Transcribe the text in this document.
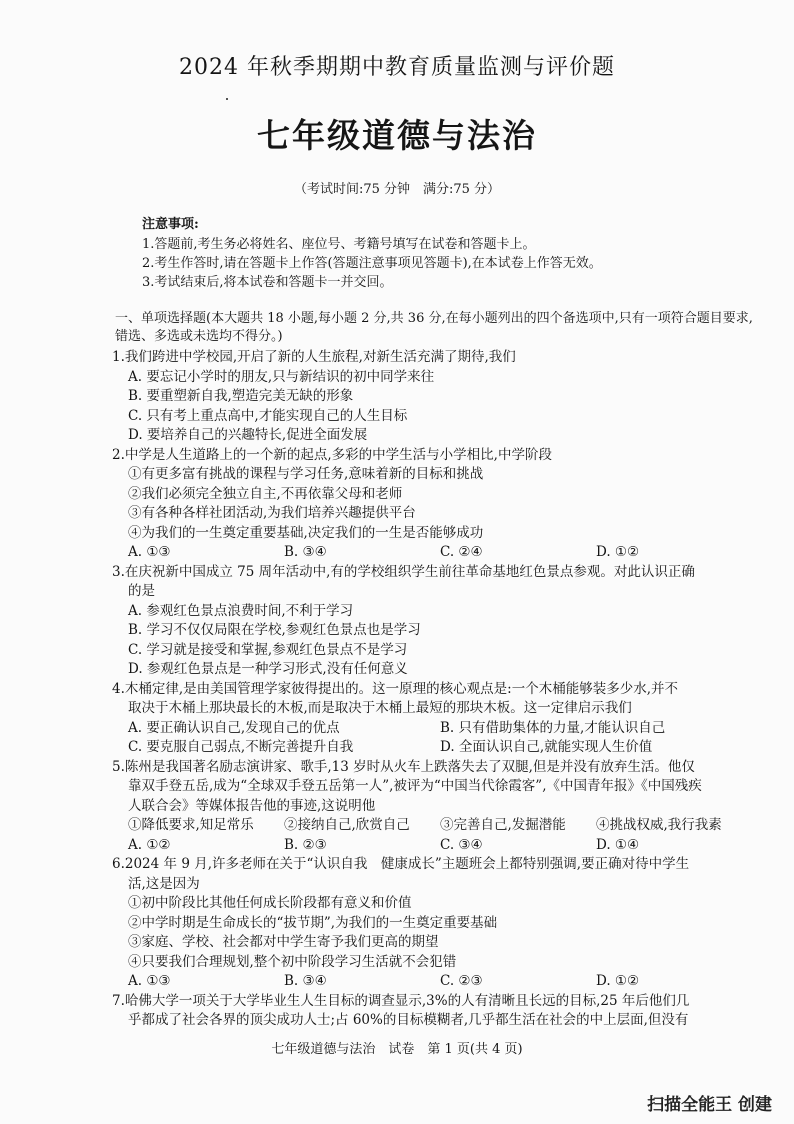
2024 年秋季期期中教育质量监测与评价题
七年级道德与法治
（考试时间:75 分钟　满分:75 分）
注意事项:
1.答题前,考生务必将姓名、座位号、考籍号填写在试卷和答题卡上。
2.考生作答时,请在答题卡上作答(答题注意事项见答题卡),在本试卷上作答无效。
3.考试结束后,将本试卷和答题卡一并交回。
一、单项选择题(本大题共 18 小题,每小题 2 分,共 36 分,在每小题列出的四个备选项中,只有一项符合题目要求,错选、多选或未选均不得分。)
1.我们跨进中学校园,开启了新的人生旅程,对新生活充满了期待,我们
A. 要忘记小学时的朋友,只与新结识的初中同学来往
B. 要重塑新自我,塑造完美无缺的形象
C. 只有考上重点高中,才能实现自己的人生目标
D. 要培养自己的兴趣特长,促进全面发展
2.中学是人生道路上的一个新的起点,多彩的中学生活与小学相比,中学阶段
①有更多富有挑战的课程与学习任务,意味着新的目标和挑战
②我们必须完全独立自主,不再依靠父母和老师
③有各种各样社团活动,为我们培养兴趣提供平台
④为我们的一生奠定重要基础,决定我们的一生是否能够成功
A. ①③	B. ③④	C. ②④	D. ①②
3.在庆祝新中国成立 75 周年活动中,有的学校组织学生前往革命基地红色景点参观。对此认识正确
的是
A. 参观红色景点浪费时间,不利于学习
B. 学习不仅仅局限在学校,参观红色景点也是学习
C. 学习就是接受和掌握,参观红色景点不是学习
D. 参观红色景点是一种学习形式,没有任何意义
4.木桶定律,是由美国管理学家彼得提出的。这一原理的核心观点是:一个木桶能够装多少水,并不
取决于木桶上那块最长的木板,而是取决于木桶上最短的那块木板。这一定律启示我们
A. 要正确认识自己,发现自己的优点	B. 只有借助集体的力量,才能认识自己
C. 要克服自己弱点,不断完善提升自我	D. 全面认识自己,就能实现人生价值
5.陈州是我国著名励志演讲家、歌手,13 岁时从火车上跌落失去了双腿,但是并没有放弃生活。他仅
靠双手登五岳,成为“全球双手登五岳第一人”,被评为“中国当代徐霞客”,《中国青年报》《中国残疾
人联合会》等媒体报告他的事迹,这说明他
①降低要求,知足常乐	②接纳自己,欣赏自己	③完善自己,发掘潜能	④挑战权威,我行我素
A. ①②	B. ②③	C. ③④	D. ①④
6.2024 年 9 月,许多老师在关于“认识自我　健康成长”主题班会上都特别强调,要正确对待中学生
活,这是因为
①初中阶段比其他任何成长阶段都有意义和价值
②中学时期是生命成长的“拔节期”,为我们的一生奠定重要基础
③家庭、学校、社会都对中学生寄予我们更高的期望
④只要我们合理规划,整个初中阶段学习生活就不会犯错
A. ①③	B. ③④	C. ②③	D. ①②
7.哈佛大学一项关于大学毕业生人生目标的调查显示,3%的人有清晰且长远的目标,25 年后他们几
乎都成了社会各界的顶尖成功人士;占 60%的目标模糊者,几乎都生活在社会的中上层面,但没有
七年级道德与法治　试卷　第 1 页(共 4 页)
扫描全能王 创建
